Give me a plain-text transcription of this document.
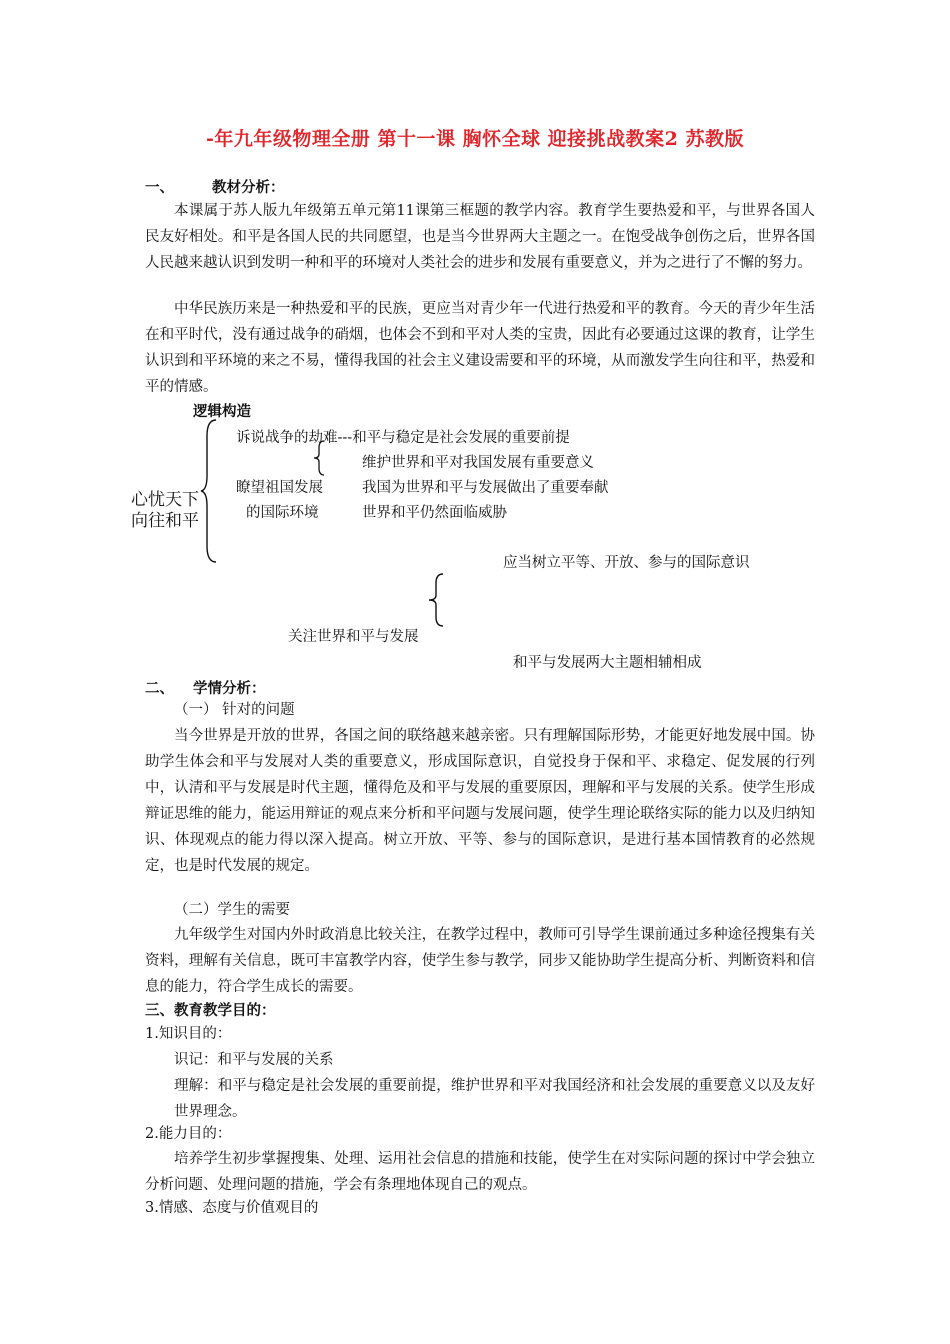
-年九年级物理全册 第十一课 胸怀全球 迎接挑战教案2 苏教版
一、	教材分析：
本课属于苏人版九年级第五单元第11课第三框题的教学内容。教育学生要热爱和平，与世界各国人民友好相处。和平是各国人民的共同愿望，也是当今世界两大主题之一。在饱受战争创伤之后，世界各国人民越来越认识到发明一种和平的环境对人类社会的进步和发展有重要意义，并为之进行了不懈的努力。
中华民族历来是一种热爱和平的民族，更应当对青少年一代进行热爱和平的教育。今天的青少年生活在和平时代，没有通过战争的硝烟，也体会不到和平对人类的宝贵，因此有必要通过这课的教育，让学生认识到和平环境的来之不易，懂得我国的社会主义建设需要和平的环境，从而激发学生向往和平，热爱和平的情感。
逻辑构造
心忧天下
向往和平
诉说战争的劫难---和平与稳定是社会发展的重要前提
维护世界和平对我国发展有重要意义
瞭望祖国发展	我国为世界和平与发展做出了重要奉献
的国际环境	世界和平仍然面临威胁
应当树立平等、开放、参与的国际意识
关注世界和平与发展
和平与发展两大主题相辅相成
二、 学情分析：
（一） 针对的问题
当今世界是开放的世界，各国之间的联络越来越亲密。只有理解国际形势，才能更好地发展中国。协助学生体会和平与发展对人类的重要意义，形成国际意识，自觉投身于保和平、求稳定、促发展的行列中，认清和平与发展是时代主题，懂得危及和平与发展的重要原因，理解和平与发展的关系。使学生形成辩证思维的能力，能运用辩证的观点来分析和平问题与发展问题，使学生理论联络实际的能力以及归纳知识、体现观点的能力得以深入提高。树立开放、平等、参与的国际意识，是进行基本国情教育的必然规定，也是时代发展的规定。
（二）学生的需要
九年级学生对国内外时政消息比较关注，在教学过程中，教师可引导学生课前通过多种途径搜集有关资料，理解有关信息，既可丰富教学内容，使学生参与教学，同步又能协助学生提高分析、判断资料和信息的能力，符合学生成长的需要。
三、教育教学目的：
1.知识目的：
识记：和平与发展的关系
理解：和平与稳定是社会发展的重要前提，维护世界和平对我国经济和社会发展的重要意义以及友好世界理念。
2.能力目的：
培养学生初步掌握搜集、处理、运用社会信息的措施和技能，使学生在对实际问题的探讨中学会独立分析问题、处理问题的措施，学会有条理地体现自己的观点。
3.情感、态度与价值观目的
